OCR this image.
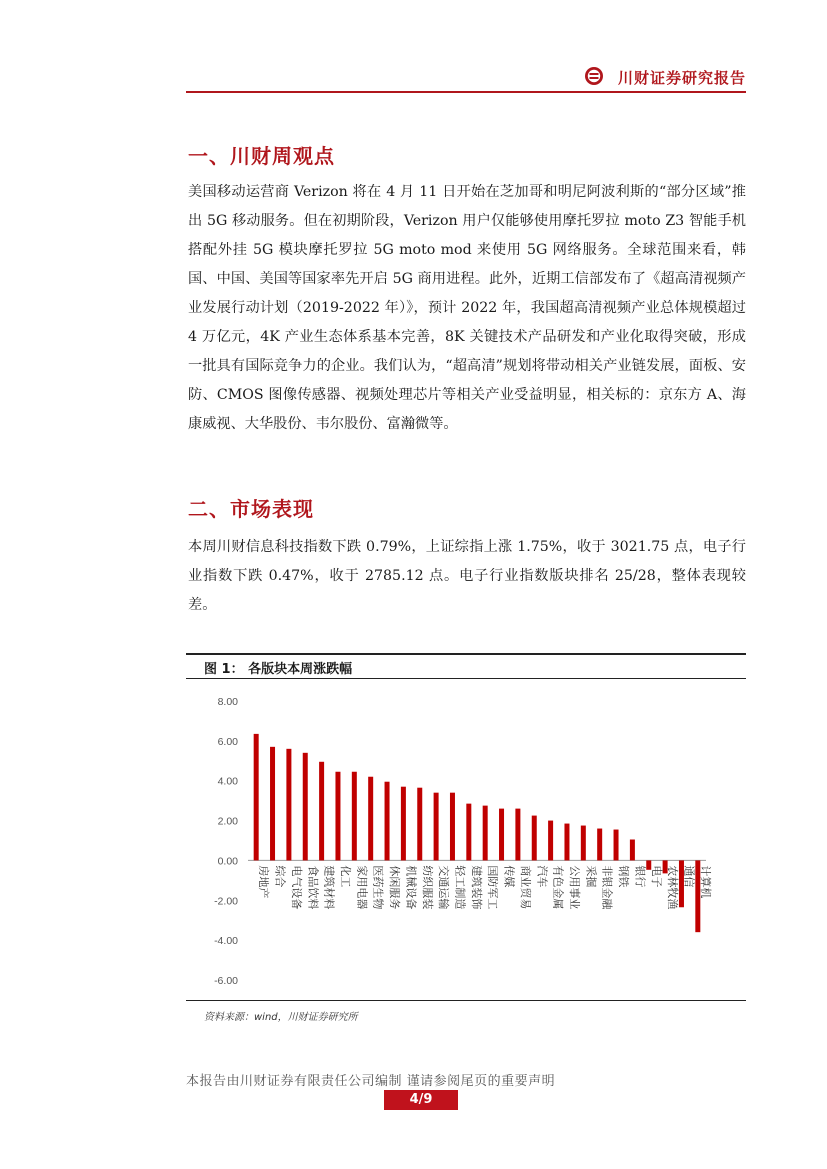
川财证券研究报告
一、川财周观点
美国移动运营商 Verizon 将在 4 月 11 日开始在芝加哥和明尼阿波利斯的“部分区域”推出 5G 移动服务。但在初期阶段，Verizon 用户仅能够使用摩托罗拉 moto Z3 智能手机搭配外挂 5G 模块摩托罗拉 5G moto mod 来使用 5G 网络服务。全球范围来看，韩国、中国、美国等国家率先开启 5G 商用进程。此外，近期工信部发布了《超高清视频产业发展行动计划（2019-2022 年）》，预计 2022 年，我国超高清视频产业总体规模超过 4 万亿元，4K 产业生态体系基本完善，8K 关键技术产品研发和产业化取得突破，形成一批具有国际竞争力的企业。我们认为，“超高清”规划将带动相关产业链发展，面板、安防、CMOS 图像传感器、视频处理芯片等相关产业受益明显，相关标的：京东方 A、海康威视、大华股份、韦尔股份、富瀚微等。
二、市场表现
本周川财信息科技指数下跌 0.79%，上证综指上涨 1.75%，收于 3021.75 点，电子行业指数下跌 0.47%，收于 2785.12 点。电子行业指数版块排名 25/28，整体表现较差。
图 1： 各版块本周涨跌幅
8.00
6.00
4.00
2.00
0.00
-2.00
-4.00
-6.00
房地产 综合 电气设备 食品饮料 建筑材料 化工 家用电器 医药生物 休闲服务 机械设备 纺织服装 交通运输 轻工制造 建筑装饰 国防军工 传媒 商业贸易 汽车 有色金属 公用事业 采掘 非银金融 钢铁 银行 电子 农林牧渔 通信 计算机
资料来源：wind，川财证券研究所
本报告由川财证券有限责任公司编制 谨请参阅尾页的重要声明
4/9
